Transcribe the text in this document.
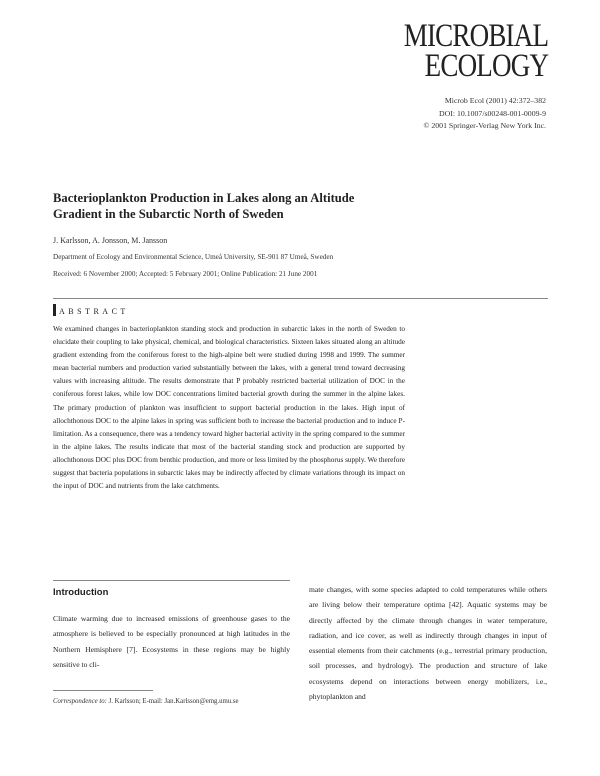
MICROBIAL
ECOLOGY
Microb Ecol (2001) 42:372–382
DOI: 10.1007/s00248-001-0009-9
© 2001 Springer-Verlag New York Inc.
Bacterioplankton Production in Lakes along an Altitude Gradient in the Subarctic North of Sweden
J. Karlsson, A. Jonsson, M. Jansson
Department of Ecology and Environmental Science, Umeå University, SE-901 87 Umeå, Sweden
Received: 6 November 2000; Accepted: 5 February 2001; Online Publication: 21 June 2001
ABSTRACT

We examined changes in bacterioplankton standing stock and production in subarctic lakes in the north of Sweden to elucidate their coupling to lake physical, chemical, and biological characteristics. Sixteen lakes situated along an altitude gradient extending from the coniferous forest to the high-alpine belt were studied during 1998 and 1999. The summer mean bacterial numbers and production varied substantially between the lakes, with a general trend toward decreasing values with increasing altitude. The results demonstrate that P probably restricted bacterial utilization of DOC in the coniferous forest lakes, while low DOC concentrations limited bacterial growth during the summer in the alpine lakes. The primary production of plankton was insufficient to support bacterial production in the lakes. High input of allochthonous DOC to the alpine lakes in spring was sufficient both to increase the bacterial production and to induce P-limitation. As a consequence, there was a tendency toward higher bacterial activity in the spring compared to the summer in the alpine lakes. The results indicate that most of the bacterial standing stock and production are supported by allochthonous DOC plus DOC from benthic production, and more or less limited by the phosphorus supply. We therefore suggest that bacteria populations in subarctic lakes may be indirectly affected by climate variations through its impact on the input of DOC and nutrients from the lake catchments.

Introduction

Climate warming due to increased emissions of greenhouse gases to the atmosphere is believed to be especially pronounced at high latitudes in the Northern Hemisphere [7]. Ecosystems in these regions may be highly sensitive to cli-

mate changes, with some species adapted to cold temperatures while others are living below their temperature optima [42]. Aquatic systems may be directly affected by the climate through changes in water temperature, radiation, and ice cover, as well as indirectly through changes in input of essential elements from their catchments (e.g., terrestrial primary production, soil processes, and hydrology). The production and structure of lake ecosystems depend on interactions between energy mobilizers, i.e., phytoplankton and

Correspondence to: J. Karlsson; E-mail: Jan.Karlsson@emg.umu.se
